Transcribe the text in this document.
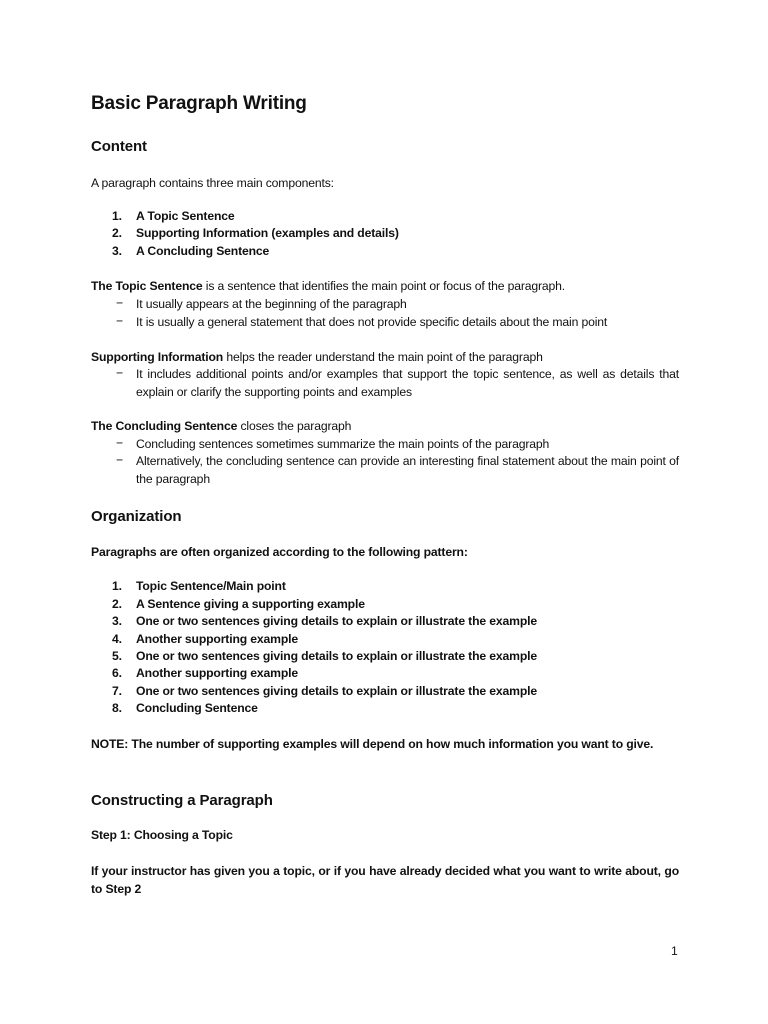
Basic Paragraph Writing
Content
A paragraph contains three main components:
1. A Topic Sentence
2. Supporting Information (examples and details)
3. A Concluding Sentence
The Topic Sentence is a sentence that identifies the main point or focus of the paragraph.
− It usually appears at the beginning of the paragraph
− It is usually a general statement that does not provide specific details about the main point
Supporting Information helps the reader understand the main point of the paragraph
− It includes additional points and/or examples that support the topic sentence, as well as details that explain or clarify the supporting points and examples
The Concluding Sentence closes the paragraph
− Concluding sentences sometimes summarize the main points of the paragraph
− Alternatively, the concluding sentence can provide an interesting final statement about the main point of the paragraph
Organization
Paragraphs are often organized according to the following pattern:
1. Topic Sentence/Main point
2. A Sentence giving a supporting example
3. One or two sentences giving details to explain or illustrate the example
4. Another supporting example
5. One or two sentences giving details to explain or illustrate the example
6. Another supporting example
7. One or two sentences giving details to explain or illustrate the example
8. Concluding Sentence
NOTE: The number of supporting examples will depend on how much information you want to give.
Constructing a Paragraph
Step 1: Choosing a Topic
If your instructor has given you a topic, or if you have already decided what you want to write about, go to Step 2
1
